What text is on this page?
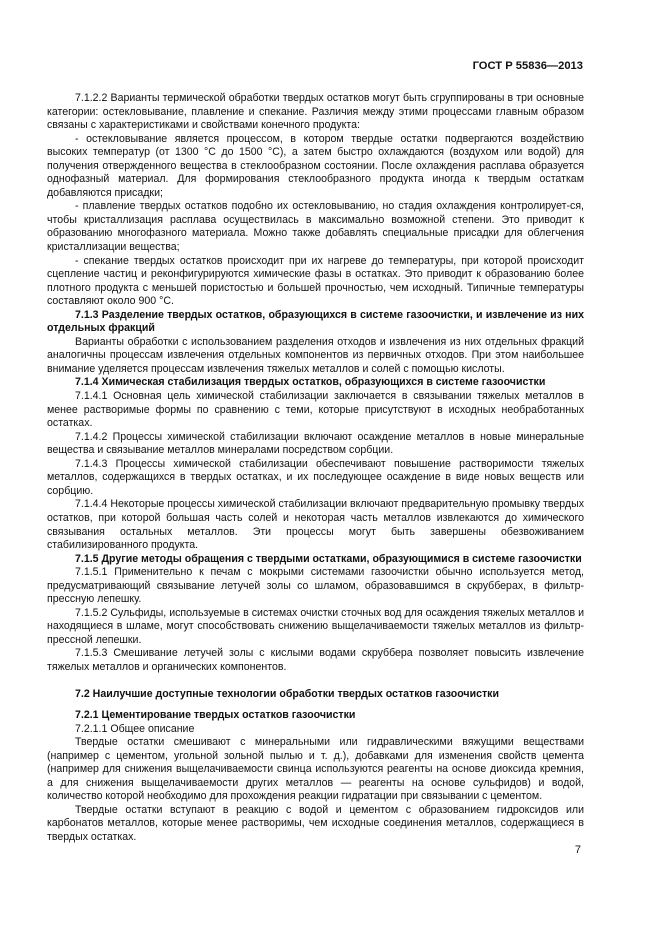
ГОСТ Р 55836—2013

7.1.2.2 Варианты термической обработки твердых остатков могут быть сгруппированы в три основные категории: остекловывание, плавление и спекание. Различия между этими процессами главным образом связаны с характеристиками и свойствами конечного продукта:

- остекловывание является процессом, в котором твердые остатки подвергаются воздействию высоких температур (от 1300 °С до 1500 °С), а затем быстро охлаждаются (воздухом или водой) для получения отвержденного вещества в стеклообразном состоянии. После охлаждения расплава образуется однофазный материал. Для формирования стеклообразного продукта иногда к твердым остаткам добавляются присадки;

- плавление твердых остатков подобно их остекловыванию, но стадия охлаждения контролирует-ся, чтобы кристаллизация расплава осуществилась в максимально возможной степени. Это приводит к образованию многофазного материала. Можно также добавлять специальные присадки для облегчения кристаллизации вещества;

- спекание твердых остатков происходит при их нагреве до температуры, при которой происходит сцепление частиц и реконфигурируются химические фазы в остатках. Это приводит к образованию более плотного продукта с меньшей пористостью и большей прочностью, чем исходный. Типичные температуры составляют около 900 °С.

7.1.3 Разделение твердых остатков, образующихся в системе газоочистки, и извлечение из них отдельных фракций

Варианты обработки с использованием разделения отходов и извлечения из них отдельных фракций аналогичны процессам извлечения отдельных компонентов из первичных отходов. При этом наибольшее внимание уделяется процессам извлечения тяжелых металлов и солей с помощью кислоты.

7.1.4 Химическая стабилизация твердых остатков, образующихся в системе газоочистки

7.1.4.1 Основная цель химической стабилизации заключается в связывании тяжелых металлов в менее растворимые формы по сравнению с теми, которые присутствуют в исходных необработанных остатках.

7.1.4.2 Процессы химической стабилизации включают осаждение металлов в новые минеральные вещества и связывание металлов минералами посредством сорбции.

7.1.4.3 Процессы химической стабилизации обеспечивают повышение растворимости тяжелых металлов, содержащихся в твердых остатках, и их последующее осаждение в виде новых веществ или сорбцию.

7.1.4.4 Некоторые процессы химической стабилизации включают предварительную промывку твердых остатков, при которой большая часть солей и некоторая часть металлов извлекаются до химического связывания остальных металлов. Эти процессы могут быть завершены обезвоживанием стабилизированного продукта.

7.1.5 Другие методы обращения с твердыми остатками, образующимися в системе газоочистки

7.1.5.1 Применительно к печам с мокрыми системами газоочистки обычно используется метод, предусматривающий связывание летучей золы со шламом, образовавшимся в скрубберах, в фильтр-прессную лепешку.

7.1.5.2 Сульфиды, используемые в системах очистки сточных вод для осаждения тяжелых металлов и находящиеся в шламе, могут способствовать снижению выщелачиваемости тяжелых металлов из фильтр-прессной лепешки.

7.1.5.3 Смешивание летучей золы с кислыми водами скруббера позволяет повысить извлечение тяжелых металлов и органических компонентов.

7.2 Наилучшие доступные технологии обработки твердых остатков газоочистки

7.2.1 Цементирование твердых остатков газоочистки

7.2.1.1 Общее описание

Твердые остатки смешивают с минеральными или гидравлическими вяжущими веществами (например с цементом, угольной зольной пылью и т. д.), добавками для изменения свойств цемента (например для снижения выщелачиваемости свинца используются реагенты на основе диоксида кремния, а для снижения выщелачиваемости других металлов — реагенты на основе сульфидов) и водой, количество которой необходимо для прохождения реакции гидратации при связывании с цементом.

Твердые остатки вступают в реакцию с водой и цементом с образованием гидроксидов или карбонатов металлов, которые менее растворимы, чем исходные соединения металлов, содержащиеся в твердых остатках.

7
